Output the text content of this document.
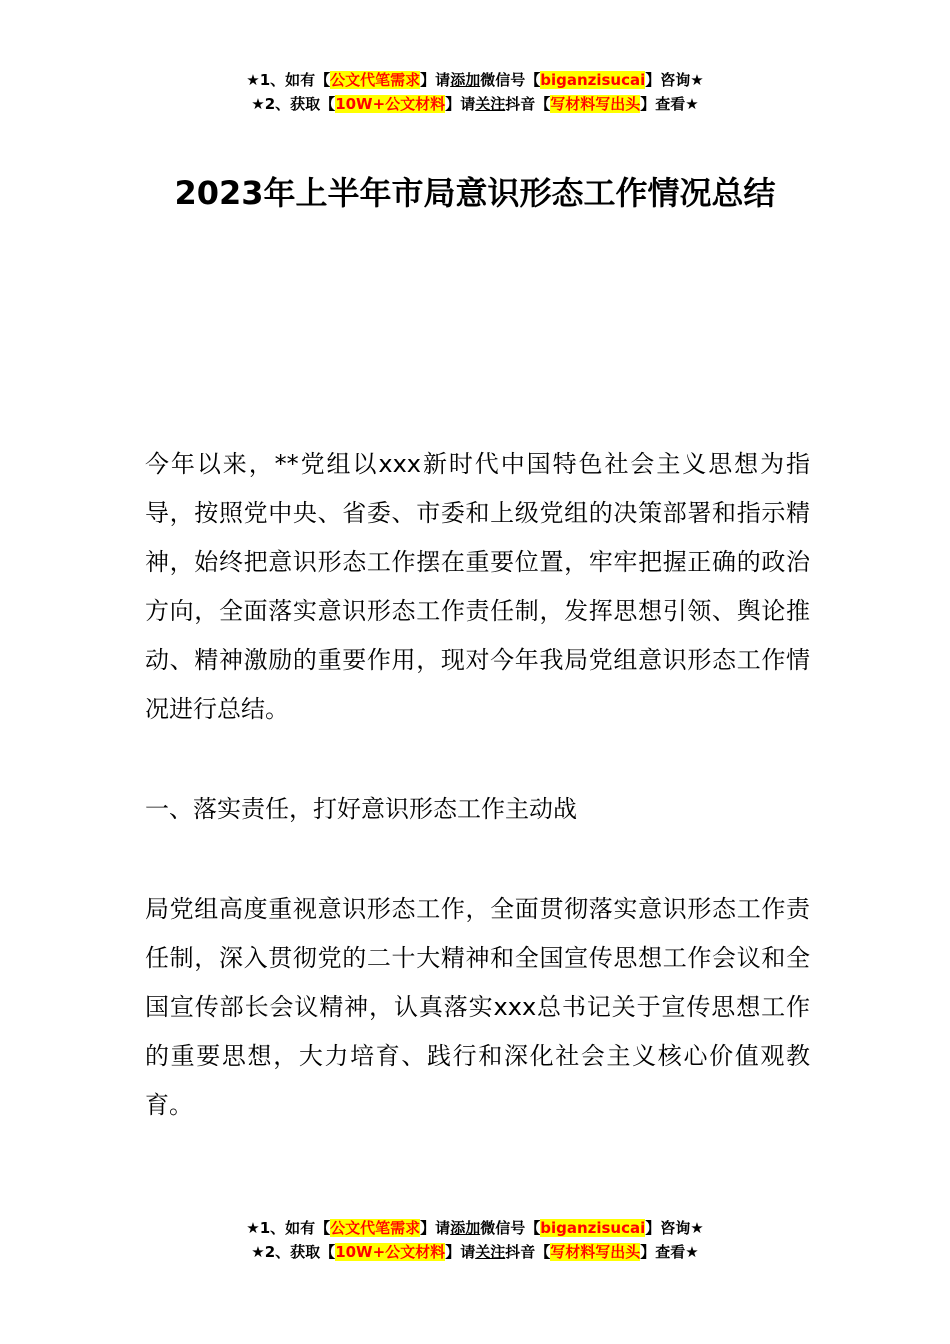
★1、如有【公文代笔需求】请添加微信号【biganzisucai】咨询★
★2、获取【10W+公文材料】请关注抖音【写材料写出头】查看★
2023年上半年市局意识形态工作情况总结

今年以来，**党组以xxx新时代中国特色社会主义思想为指导，按照党中央、省委、市委和上级党组的决策部署和指示精神，始终把意识形态工作摆在重要位置，牢牢把握正确的政治方向，全面落实意识形态工作责任制，发挥思想引领、舆论推动、精神激励的重要作用，现对今年我局党组意识形态工作情况进行总结。

一、落实责任，打好意识形态工作主动战

局党组高度重视意识形态工作，全面贯彻落实意识形态工作责任制，深入贯彻党的二十大精神和全国宣传思想工作会议和全国宣传部长会议精神，认真落实xxx总书记关于宣传思想工作的重要思想，大力培育、践行和深化社会主义核心价值观教育。

★1、如有【公文代笔需求】请添加微信号【biganzisucai】咨询★
★2、获取【10W+公文材料】请关注抖音【写材料写出头】查看★
